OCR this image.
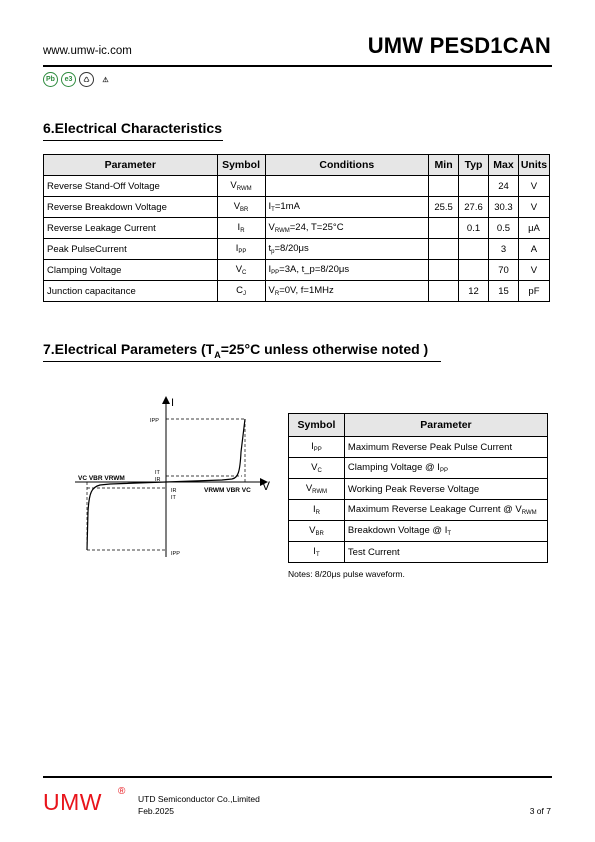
www.umw-ic.com	UMW PESD1CAN
Pb	e3	♺	⚠
6.Electrical Characteristics
Parameter	Symbol	Conditions	Min	Typ	Max	Units
Reverse Stand-Off Voltage	$V_{RWM}$				24	V
Reverse Breakdown Voltage	$V_{BR}$	$I_T=1mA$	25.5	27.6	30.3	V
Reverse Leakage Current	$I_R$	$V_{RWM}=24$, T=25°C		0.1	0.5	μA
Peak PulseCurrent	$I_{PP}$	$t_p=8/20\mu s$			3	A
Clamping Voltage	$V_C$	$I_{PP}=3A$, t_p=8/20μs			70	V
Junction capacitance	$C_J$	$V_R=0V$, f=1MHz		12	15	pF
7.Electrical Parameters ($T_A=25^\circ C$ unless otherwise noted )
I
V
IPP
IPP
IT
IR
IR
IT
VC VBR VRWM
VRWM VBR VC
Symbol	Parameter
$I_{PP}$	Maximum Reverse Peak Pulse Current
$V_C$	Clamping Voltage @ $I_{PP}$
$V_{RWM}$	Working Peak Reverse Voltage
$I_R$	Maximum Reverse Leakage Current @ $V_{RWM}$
$V_{BR}$	Breakdown Voltage @ $I_T$
$I_T$	Test Current
Notes: 8/20μs pulse waveform.
UMW ®
UTD Semiconductor Co.,Limited
Feb.2025	3 of 7
